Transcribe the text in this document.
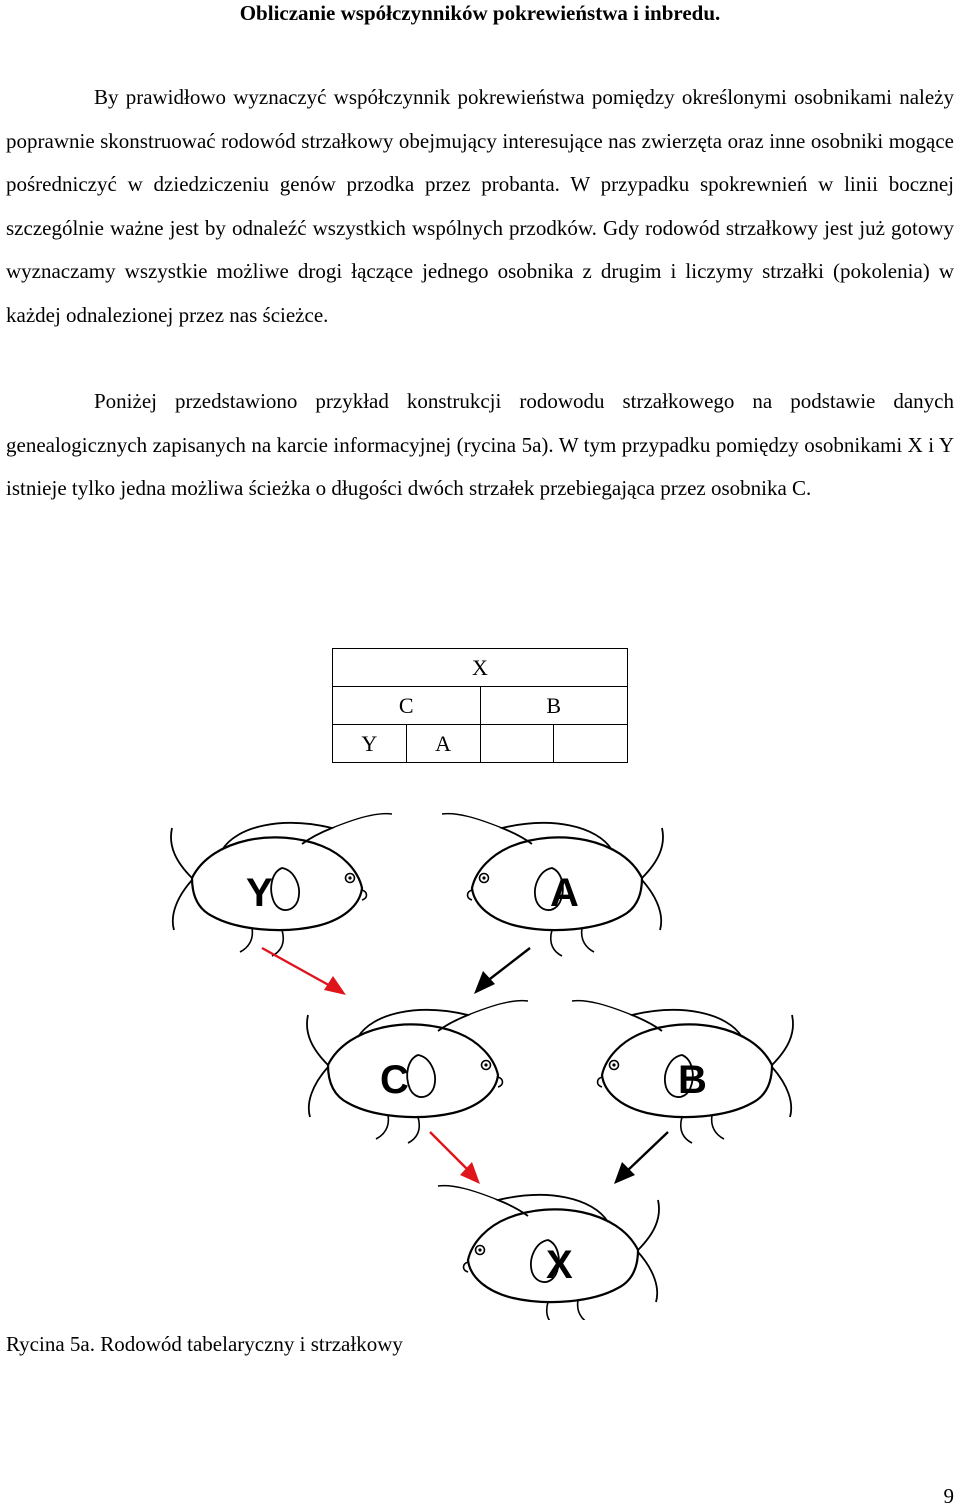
Obliczanie współczynników pokrewieństwa i inbredu.

By prawidłowo wyznaczyć współczynnik pokrewieństwa pomiędzy określonymi osobnikami należy poprawnie skonstruować rodowód strzałkowy obejmujący interesujące nas zwierzęta oraz inne osobniki mogące pośredniczyć w dziedziczeniu genów przodka przez probanta. W przypadku spokrewnień w linii bocznej szczególnie ważne jest by odnaleźć wszystkich wspólnych przodków. Gdy rodowód strzałkowy jest już gotowy wyznaczamy wszystkie możliwe drogi łączące jednego osobnika z drugim i liczymy strzałki (pokolenia) w każdej odnalezionej przez nas ścieżce.

Poniżej przedstawiono przykład konstrukcji rodowodu strzałkowego na podstawie danych genealogicznych zapisanych na karcie informacyjnej (rycina 5a). W tym przypadku pomiędzy osobnikami X i Y istnieje tylko jedna możliwa ścieżka o długości dwóch strzałek przebiegająca przez osobnika C.

X			
C		B	
Y	A		
Y	A
C	B
X
Rycina 5a. Rodowód tabelaryczny i strzałkowy
9
